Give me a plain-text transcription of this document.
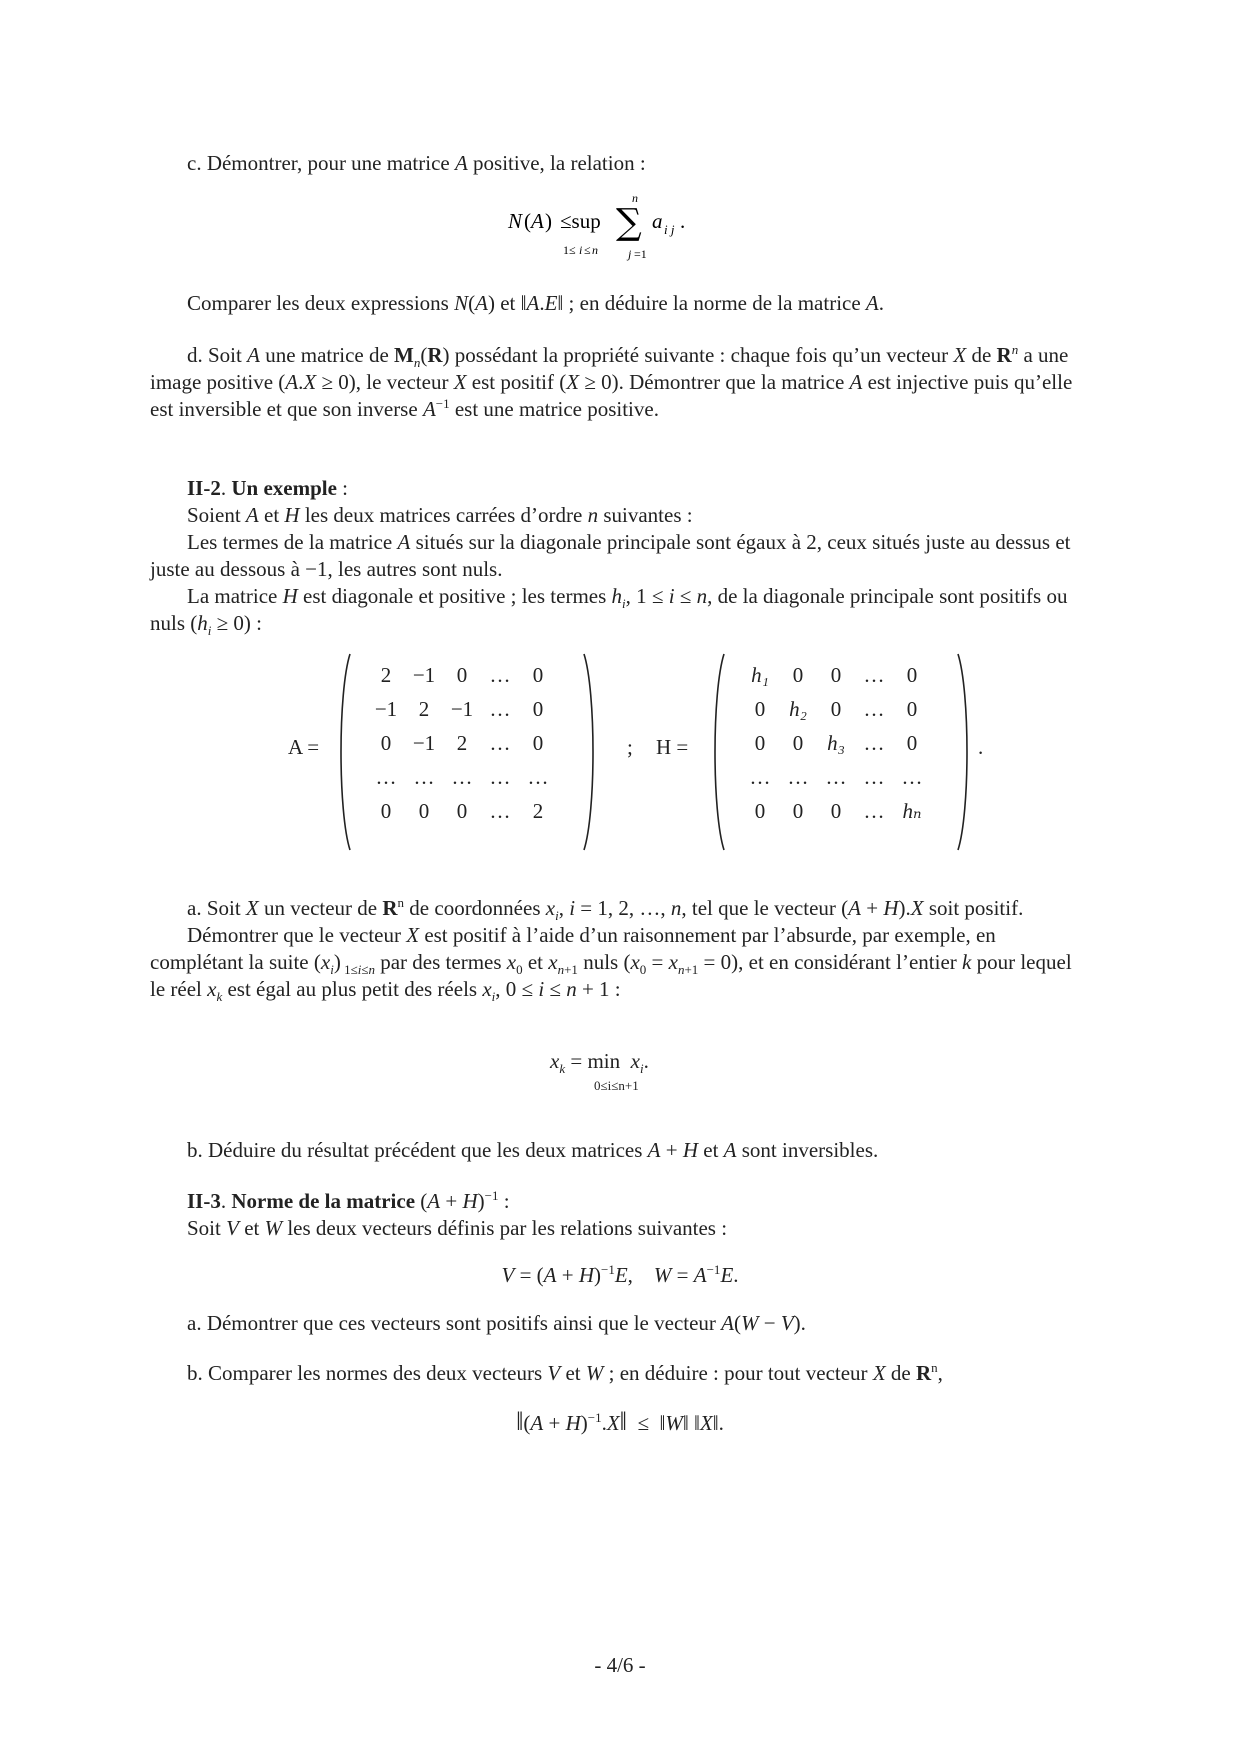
c. Démontrer, pour une matrice A positive, la relation :

N ( A ) ≤sup
1≤ i ≤ n
n
∑
j =1
a i j .

Comparer les deux expressions N(A) et ‖A.E‖ ; en déduire la norme de la matrice A.

d. Soit A une matrice de $M_n(R)$ possédant la propriété suivante : chaque fois qu’un vecteur X de $R^n$ a une image positive (A.X ≥ 0), le vecteur X est positif (X ≥ 0). Démontrer que la matrice A est injective puis qu’elle est inversible et que son inverse $A^{-1}$ est une matrice positive.

II-2. Un exemple :

Soient A et H les deux matrices carrées d’ordre n suivantes :

Les termes de la matrice A situés sur la diagonale principale sont égaux à 2, ceux situés juste au dessus et juste au dessous à −1, les autres sont nuls.

La matrice H est diagonale et positive ; les termes $h_i$, 1 ≤ i ≤ n, de la diagonale principale sont positifs ou nuls $(h_i \ge 0)$ :

A =
2	−1	0	…	0
−1	2	−1 …	0
0	−1	2	…	0
… … … … …
0	0	0	…	2
; H =
h₁	0	0	…	0
0	h₂	0	…	0
0	0	h₃ …	0
… … … … …
0	0	0	… hₙ
.

a. Soit X un vecteur de $R^n$ de coordonnées $x_i$, i = 1, 2, …, n, tel que le vecteur (A + H).X soit positif.

Démontrer que le vecteur X est positif à l’aide d’un raisonnement par l’absurde, par exemple, en complétant la suite $(x_i)$ $_{1\le i\le n}$ par des termes $x_0$ et $x_{n+1}$ nuls $(x_0 = x_{n+1} = 0)$, et en considérant l’entier k pour lequel le réel $x_k$ est égal au plus petit des réels $x_i$, 0 ≤ i ≤ n + 1 :

$x_k = \min x_i$.
0≤i≤n+1

b. Déduire du résultat précédent que les deux matrices A + H et A sont inversibles.

II-3. Norme de la matrice $(A + H)^{-1}$ :

Soit V et W les deux vecteurs définis par les relations suivantes :

$V = (A + H)^{-1}E$,    $W = A^{-1}E$.

a. Démontrer que ces vecteurs sont positifs ainsi que le vecteur A(W − V).

b. Comparer les normes des deux vecteurs V et W ; en déduire : pour tout vecteur X de $R^n$,

‖(A + H)$^{-1}$.X‖  ≤  ‖W‖ ‖X‖.
- 4/6 -
